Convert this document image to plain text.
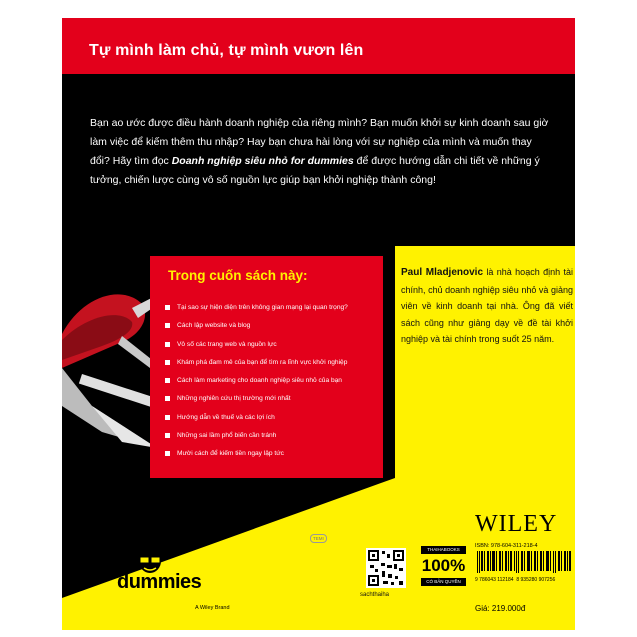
Tự mình làm chủ, tự mình vươn lên

Bạn ao ước được điều hành doanh nghiệp của riêng mình? Bạn muốn khởi sự kinh doanh sau giờ làm việc để kiếm thêm thu nhập? Hay bạn chưa hài lòng với sự nghiệp của mình và muốn thay đổi? Hãy tìm đọc Doanh nghiệp siêu nhỏ for dummies để được hướng dẫn chi tiết về những ý tưởng, chiến lược cùng vô số nguồn lực giúp bạn khởi nghiệp thành công!

Trong cuốn sách này:
Tại sao sự hiện diện trên không gian mạng lại quan trọng?
Cách lập website và blog
Vô số các trang web và nguồn lực
Khám phá đam mê của bạn để tìm ra lĩnh vực khởi nghiệp
Cách làm marketing cho doanh nghiệp siêu nhỏ của bạn
Những nghiên cứu thị trường mới nhất
Hướng dẫn về thuế và các lợi ích
Những sai lầm phổ biến cần tránh
Mười cách để kiếm tiền ngay lập tức

Paul Mladjenovic là nhà hoạch định tài chính, chủ doanh nghiệp siêu nhỏ và giảng viên về kinh doanh tại nhà. Ông đã viết sách cũng như giảng dạy về đề tài khởi nghiệp và tài chính trong suốt 25 năm.

WILEY
for
dummies
A Wiley Brand
TEMI
sachthaiha
THAIHABOOKS
100%
CÓ BẢN QUYỀN
ISBN: 978-604-311-218-4
9 786043 112184 8 935280 907256
Giá: 219.000đ
